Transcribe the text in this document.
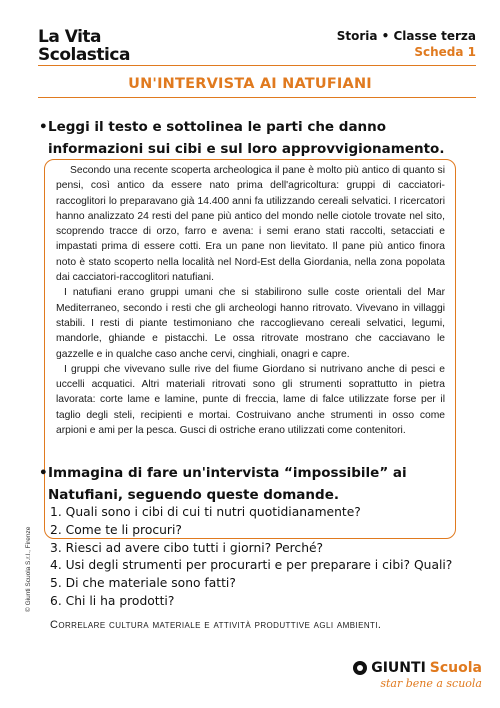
La Vita
Scolastica
Storia • Classe terza
Scheda 1
UN'INTERVISTA AI NATUFIANI
• Leggi il testo e sottolinea le parti che danno informazioni sui cibi e sul loro approvvigionamento.

Secondo una recente scoperta archeologica il pane è molto più antico di quanto si pensi, così antico da essere nato prima dell'agricoltura: gruppi di cacciatori-raccoglitori lo preparavano già 14.400 anni fa utilizzando cereali selvatici. I ricercatori hanno analizzato 24 resti del pane più antico del mondo nelle ciotole trovate nel sito, scoprendo tracce di orzo, farro e avena: i semi erano stati raccolti, setacciati e impastati prima di essere cotti. Era un pane non lievitato. Il pane più antico finora noto è stato scoperto nella località nel Nord-Est della Giordania, nella zona popolata dai cacciatori-raccoglitori natufiani.

I natufiani erano gruppi umani che si stabilirono sulle coste orientali del Mar Mediterraneo, secondo i resti che gli archeologi hanno ritrovato. Vivevano in villaggi stabili. I resti di piante testimoniano che raccoglievano cereali selvatici, legumi, mandorle, ghiande e pistacchi. Le ossa ritrovate mostrano che cacciavano le gazzelle e in qualche caso anche cervi, cinghiali, onagri e capre.

I gruppi che vivevano sulle rive del fiume Giordano si nutrivano anche di pesci e uccelli acquatici. Altri materiali ritrovati sono gli strumenti soprattutto in pietra lavorata: corte lame e lamine, punte di freccia, lame di falce utilizzate forse per il taglio degli steli, recipienti e mortai. Costruivano anche strumenti in osso come arpioni e ami per la pesca. Gusci di ostriche erano utilizzati come contenitori.

• Immagina di fare un'intervista “impossibile” ai Natufiani, seguendo queste domande.
1. Quali sono i cibi di cui ti nutri quotidianamente?
2. Come te li procuri?
3. Riesci ad avere cibo tutti i giorni? Perché?
4. Usi degli strumenti per procurarti e per preparare i cibi? Quali?
5. Di che materiale sono fatti?
6. Chi li ha prodotti?
Correlare cultura materiale e attività produttive agli ambienti.
© Giunti Scuola S.r.l., Firenze
GIUNTI Scuola
star bene a scuola
